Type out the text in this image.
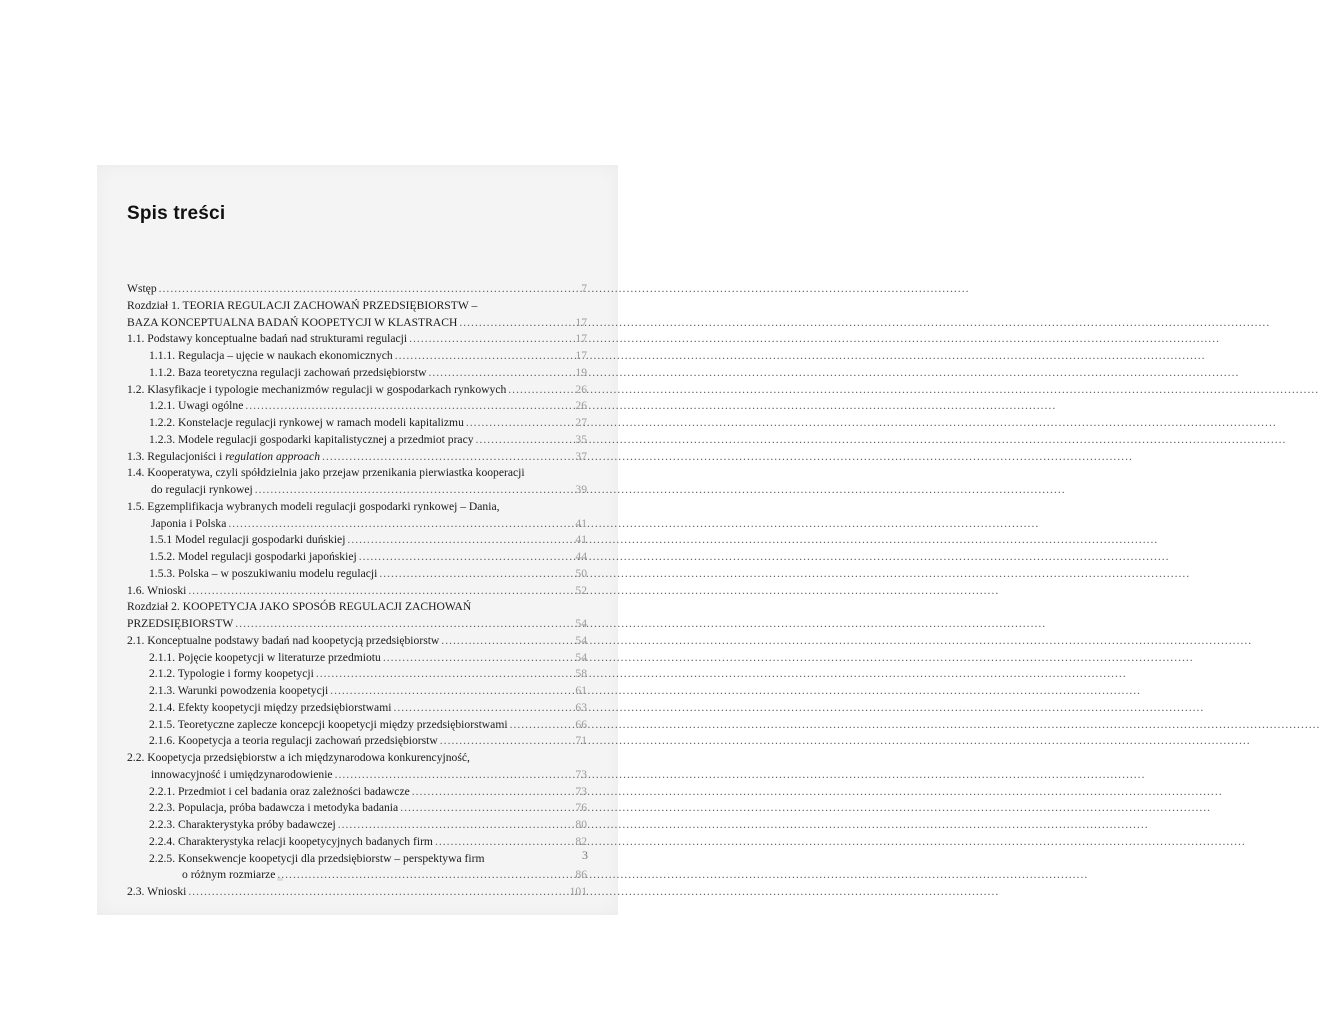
Spis treści
Wstęp .....	7
Rozdział 1. TEORIA REGULACJI ZACHOWAŃ PRZEDSIĘBIORSTW –
BAZA KONCEPTUALNA BADAŃ KOOPETYCJI W KLASTRACH .....	17
1.1. Podstawy konceptualne badań nad strukturami regulacji .....	17
1.1.1. Regulacja – ujęcie w naukach ekonomicznych .....	17
1.1.2. Baza teoretyczna regulacji zachowań przedsiębiorstw .....	19
1.2. Klasyfikacje i typologie mechanizmów regulacji w gospodarkach rynkowych .....	26
1.2.1. Uwagi ogólne .....	26
1.2.2. Konstelacje regulacji rynkowej w ramach modeli kapitalizmu .....	27
1.2.3. Modele regulacji gospodarki kapitalistycznej a przedmiot pracy .....	35
1.3. Regulacjoniści i regulation approach .....	37
1.4. Kooperatywa, czyli spółdzielnia jako przejaw przenikania pierwiastka kooperacji
do regulacji rynkowej .....	39
1.5. Egzemplifikacja wybranych modeli regulacji gospodarki rynkowej – Dania,
Japonia i Polska .....	41
1.5.1 Model regulacji gospodarki duńskiej .....	41
1.5.2. Model regulacji gospodarki japońskiej .....	44
1.5.3. Polska – w poszukiwaniu modelu regulacji .....	50
1.6. Wnioski .....	52
Rozdział 2. KOOPETYCJA JAKO SPOSÓB REGULACJI ZACHOWAŃ
PRZEDSIĘBIORSTW .....	54
2.1. Konceptualne podstawy badań nad koopetycją przedsiębiorstw .....	54
2.1.1. Pojęcie koopetycji w literaturze przedmiotu .....	54
2.1.2. Typologie i formy koopetycji .....	58
2.1.3. Warunki powodzenia koopetycji .....	61
2.1.4. Efekty koopetycji między przedsiębiorstwami .....	63
2.1.5. Teoretyczne zaplecze koncepcji koopetycji między przedsiębiorstwami .....	66
2.1.6. Koopetycja a teoria regulacji zachowań przedsiębiorstw .....	71
2.2. Koopetycja przedsiębiorstw a ich międzynarodowa konkurencyjność,
innowacyjność i umiędzynarodowienie .....	73
2.2.1. Przedmiot i cel badania oraz zależności badawcze .....	73
2.2.3. Populacja, próba badawcza i metodyka badania .....	76
2.2.3. Charakterystyka próby badawczej .....	80
2.2.4. Charakterystyka relacji koopetycyjnych badanych firm .....	82
2.2.5. Konsekwencje koopetycji dla przedsiębiorstw – perspektywa firm
o różnym rozmiarze .....	86
2.3. Wnioski .....	101
3
